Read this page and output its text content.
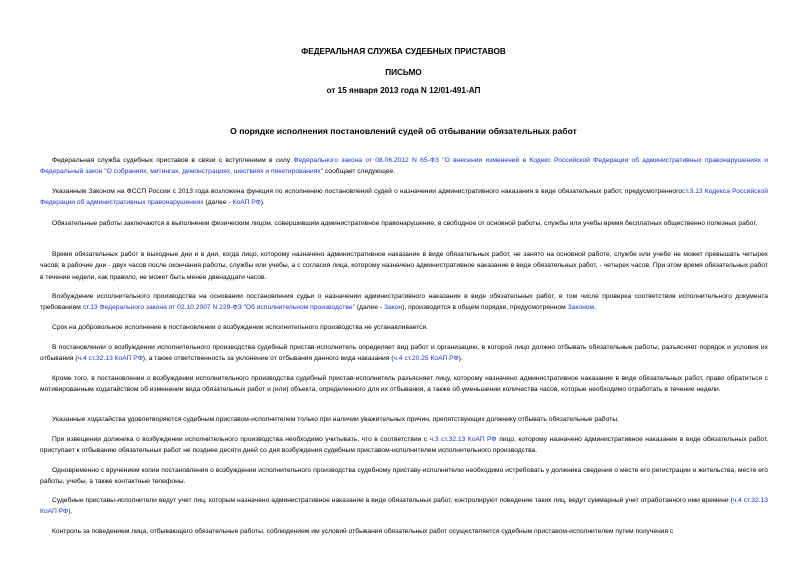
ФЕДЕРАЛЬНАЯ СЛУЖБА СУДЕБНЫХ ПРИСТАВОВ
ПИСЬМО
от 15 января 2013 года N 12/01-491-АП
О порядке исполнения постановлений судей об отбывании обязательных работ
Федеральная служба судебных приставов в связи с вступлением в силу Федерального закона от 08.06.2012 N 65-ФЗ "О внесении изменений в Кодекс Российской Федерации об административных правонарушениях и Федеральный закон "О собраниях, митингах, демонстрациях, шествиях и пикетированиях" сообщает следующее.
Указанным Законом на ФССП России с 2013 года возложена функция по исполнению постановлений судей о назначении административного наказания в виде обязательных работ, предусмотренногост.3.13 Кодекса Российской Федерации об административных правонарушениях (далее - КоАП РФ).
Обязательные работы заключаются в выполнении физическим лицом, совершившим административное правонарушение, в свободное от основной работы, службы или учебы время бесплатных общественно полезных работ.
Время обязательных работ в выходные дни и в дни, когда лицо, которому назначено административное наказание в виде обязательных работ, не занято на основной работе, службе или учебе не может превышать четырех часов; в рабочие дни - двух часов после окончания работы, службы или учебы, а с согласия лица, которому назначено административное наказание в виде обязательных работ, - четырех часов. При этом время обязательных работ в течение недели, как правило, не может быть менее двенадцати часов.
Возбуждение исполнительного производства на основании постановления судьи о назначении административного наказания в виде обязательных работ, в том числе проверка соответствия исполнительного документа требованиям ст.13 Федерального закона от 02.10.2007 N 229-ФЗ "Об исполнительном производстве" (далее - Закон), производится в общем порядке, предусмотренном Законом.
Срок на добровольное исполнение в постановлении о возбуждении исполнительного производства не устанавливается.
В постановлении о возбуждении исполнительного производства судебный пристав-исполнитель определяет вид работ и организацию, в которой лицо должно отбывать обязательные работы, разъясняет порядок и условия их отбывания (ч.4 ст.32.13 КоАП РФ), а также ответственность за уклонение от отбывания данного вида наказания (ч.4 ст.20.25 КоАП РФ).
Кроме того, в постановлении о возбуждении исполнительного производства судебный пристав-исполнитель разъясняет лицу, которому назначено административное наказание в виде обязательных работ, право обратиться с мотивированным ходатайством об изменении вида обязательных работ и (или) объекта, определенного для их отбывания, а также об уменьшении количества часов, которые необходимо отработать в течение недели.
Указанные ходатайства удовлетворяются судебным приставом-исполнителем только при наличии уважительных причин, препятствующих должнику отбывать обязательные работы.
При извещении должника о возбуждении исполнительного производства необходимо учитывать, что в соответствии с ч.3 ст.32.13 КоАП РФ лицо, которому назначено административное наказание в виде обязательных работ, приступает к отбыванию обязательных работ не позднее десяти дней со дня возбуждения судебным приставом-исполнителем исполнительного производства.
Одновременно с вручением копии постановления о возбуждении исполнительного производства судебному приставу-исполнителю необходимо истребовать у должника сведения о месте его регистрации и жительства, месте его работы, учебы, а также контактные телефоны.
Судебные приставы-исполнители ведут учет лиц, которым назначено административное наказание в виде обязательных работ, контролируют поведение таких лиц, ведут суммарный учет отработанного ими времени (ч.4 ст.32.13 КоАП РФ).
Контроль за поведением лица, отбывающего обязательные работы, соблюдением им условий отбывания обязательных работ осуществляется судебным приставом-исполнителем путем получения с
